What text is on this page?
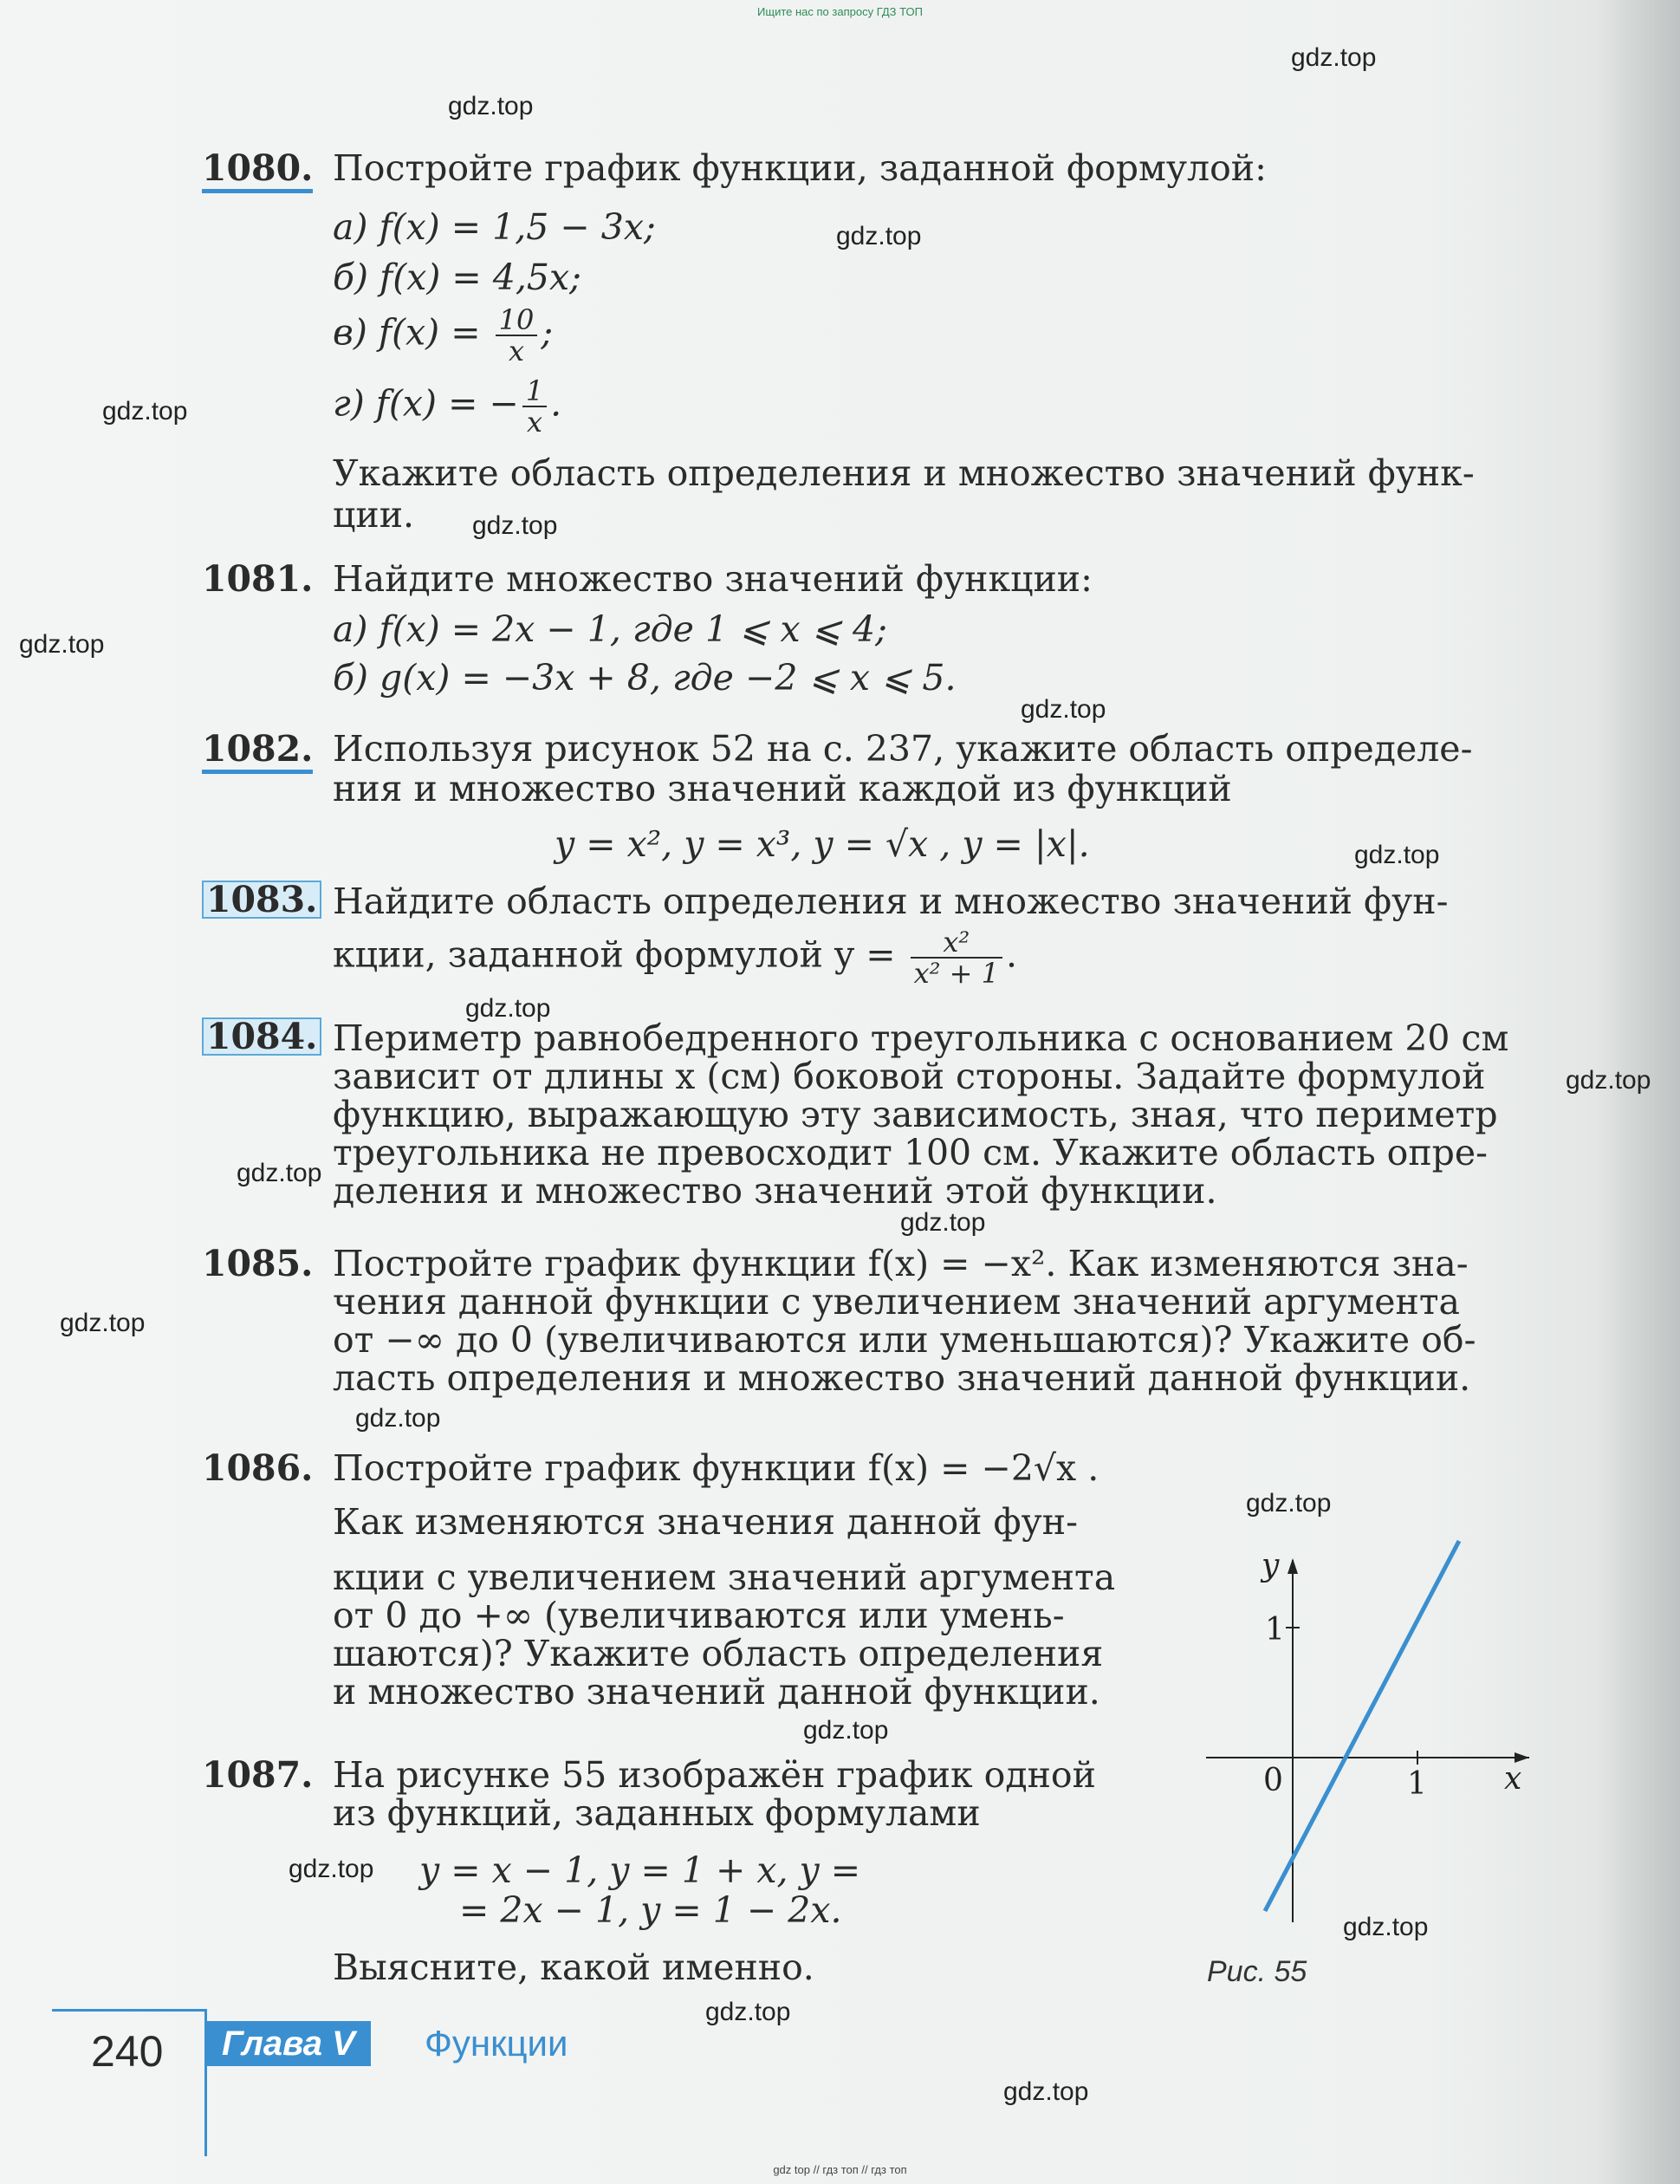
Ищите нас по запросу ГДЗ ТОП
gdz.top
gdz.top
gdz.top
gdz.top
gdz.top
gdz.top
gdz.top
gdz.top
gdz.top
gdz.top
gdz.top
gdz.top
gdz.top
gdz.top
gdz.top
gdz.top
gdz.top
gdz.top
gdz.top
gdz.top
1080. Постройте график функции, заданной формулой:
а) f(x) = 1,5 − 3x;
б) f(x) = 4,5x;
в) $f(x) = \frac{10}{x}$ ;
г) f(x) = − $\frac{1}{x}$ .
Укажите область определения и множество значений функ-
ции.
1081. Найдите множество значений функции:
а) f(x) = 2x − 1, где 1 ⩽ x ⩽ 4;
б) g(x) = −3x + 8, где −2 ⩽ x ⩽ 5.
1082. Используя рисунок 52 на с. 237, укажите область определе-
ния и множество значений каждой из функций
y = x², y = x³, y = √x , y = |x|.
1083. Найдите область определения и множество значений фун-
кции, заданной формулой $y = \frac{\text{x²}}{\text{x² + 1}}$ .
1084. Периметр равнобедренного треугольника с основанием 20 см
зависит от длины x (см) боковой стороны. Задайте формулой
функцию, выражающую эту зависимость, зная, что периметр
треугольника не превосходит 100 см. Укажите область опре-
деления и множество значений этой функции.
1085. Постройте график функции f(x) = −x². Как изменяются зна-
чения данной функции с увеличением значений аргумента
от −∞ до 0 (увеличиваются или уменьшаются)? Укажите об-
ласть определения и множество значений данной функции.
1086. Постройте график функции f(x) = −2√x .
Как изменяются значения данной фун-
кции с увеличением значений аргумента
от 0 до +∞ (увеличиваются или умень-
шаются)? Укажите область определения
и множество значений данной функции.
1087. На рисунке 55 изображён график одной
из функций, заданных формулами
y = x − 1, y = 1 + x, y =
= 2x − 1, y = 1 − 2x.
Выясните, какой именно.
x
y
0	1
1
Рис. 55
240	Глава V	Функции
gdz top // гдз топ // гдз топ
